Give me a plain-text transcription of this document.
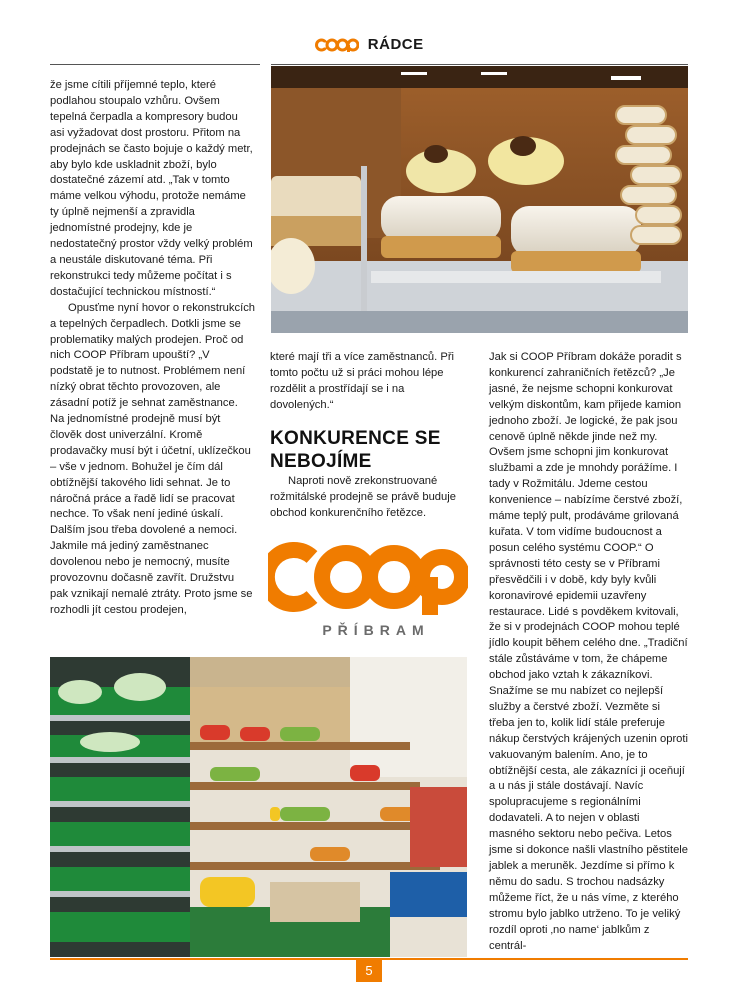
RÁDCE

že jsme cítili příjemné teplo, které podlahou stoupalo vzhůru. Ovšem tepelná čerpadla a kompresory budou asi vyžadovat dost prostoru. Přitom na prodejnách se často bojuje o každý metr, aby bylo kde uskladnit zboží, bylo dostatečné zázemí atd. „Tak v tomto máme velkou výhodu, protože nemáme ty úplně nejmenší a zpravidla jednomístné prodejny, kde je nedostatečný prostor vždy velký problém a neustále diskutované téma. Při rekonstrukci tedy můžeme počítat i s dostačující technickou místností.“

Opusťme nyní hovor o rekonstrukcích a tepelných čerpadlech. Dotkli jsme se problematiky malých prodejen. Proč od nich COOP Příbram upouští? „V podstatě je to nutnost. Problémem není nízký obrat těchto provozoven, ale zásadní potíž je sehnat zaměstnance. Na jednomístné prodejně musí být člověk dost univerzální. Kromě prodavačky musí být i účetní, uklízečkou – vše v jednom. Bohužel je čím dál obtížnější takového lidi sehnat. Je to náročná práce a řadě lidí se pracovat nechce. To však není jediné úskalí. Dalším jsou třeba dovolené a nemoci. Jakmile má jediný zaměstnanec dovolenou nebo je nemocný, musíte provozovnu dočasně zavřít. Družstvu pak vznikají nemalé ztráty. Proto jsme se rozhodli jít cestou prodejen,

které mají tři a více zaměstnanců. Při tomto počtu už si práci mohou lépe rozdělit a prostřídají se i na dovolených.“

KONKURENCE SE NEBOJÍME

Naproti nově zrekonstruované rožmitálské prodejně se právě buduje obchod konkurenčního řetězce.

PŘÍBRAM

Jak si COOP Příbram dokáže poradit s konkurencí zahraničních řetězců? „Je jasné, že nejsme schopni konkurovat velkým diskontům, kam přijede kamion jednoho zboží. Je logické, že pak jsou cenově úplně někde jinde než my. Ovšem jsme schopni jim konkurovat službami a zde je mnohdy porážíme. I tady v Rožmitálu. Jdeme cestou konvenience – nabízíme čerstvé zboží, máme teplý pult, prodáváme grilovaná kuřata. V tom vidíme budoucnost a posun celého systému COOP.“ O správnosti této cesty se v Příbrami přesvědčili i v době, kdy byly kvůli koronavirové epidemii uzavřeny restaurace. Lidé s povděkem kvitovali, že si v prodejnách COOP mohou teplé jídlo koupit během celého dne. „Tradiční stále zůstáváme v tom, že chápeme obchod jako vztah k zákazníkovi. Snažíme se mu nabízet co nejlepší služby a čerstvé zboží. Vezměte si třeba jen to, kolik lidí stále preferuje nákup čerstvých krájených uzenin oproti vakuovaným balením. Ano, je to obtížnější cesta, ale zákazníci ji oceňují a u nás ji stále dostávají. Navíc spolupracujeme s regionálními dodavateli. A to nejen v oblasti masného sektoru nebo pečiva. Letos jsme si dokonce našli vlastního pěstitele jablek a meruněk. Jezdíme si přímo k němu do sadu. S trochou nadsázky můžeme říct, že u nás víme, z kterého stromu bylo jablko utrženo. To je veliký rozdíl oproti ‚no name‘ jablkům z centrál-

5
